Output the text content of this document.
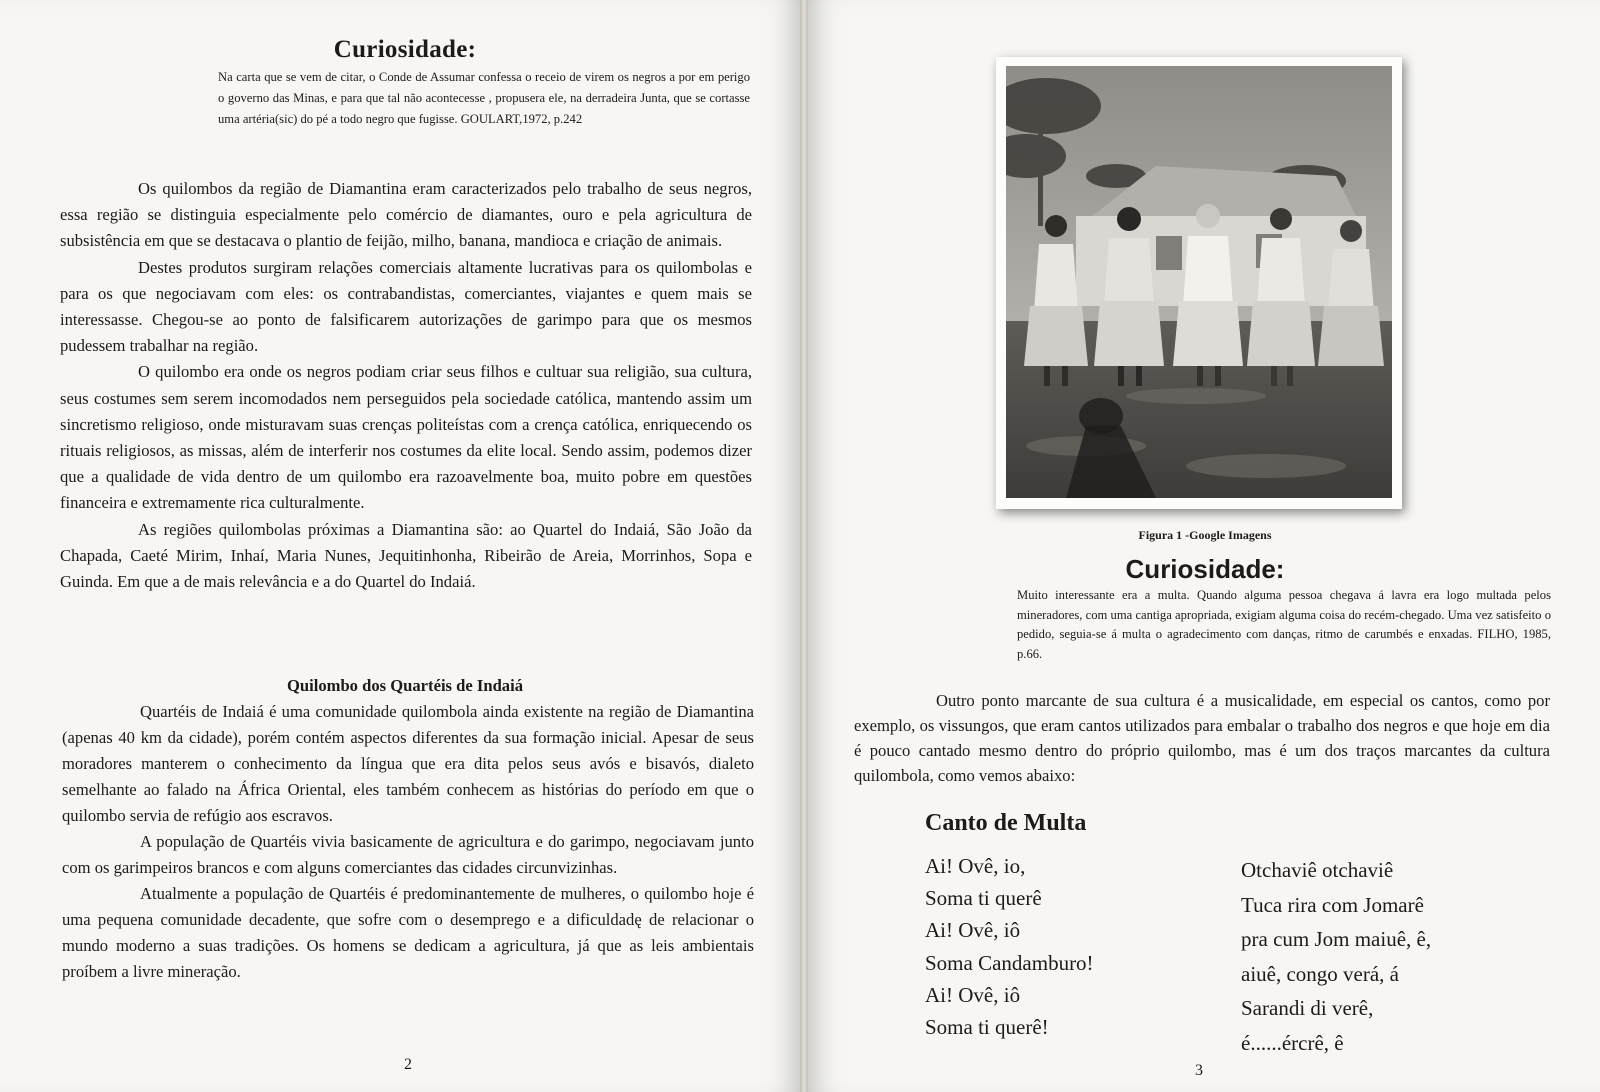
Curiosidade:
Na carta que se vem de citar, o Conde de Assumar confessa o receio de virem os negros a por em perigo o governo das Minas, e para que tal não acontecesse , propusera ele, na derradeira Junta, que se cortasse uma artéria(sic) do pé a todo negro que fugisse. GOULART,1972, p.242

Os quilombos da região de Diamantina eram caracterizados pelo trabalho de seus negros, essa região se distinguia especialmente pelo comércio de diamantes, ouro e pela agricultura de subsistência em que se destacava o plantio de feijão, milho, banana, mandioca e criação de animais.

Destes produtos surgiram relações comerciais altamente lucrativas para os quilombolas e para os que negociavam com eles: os contrabandistas, comerciantes, viajantes e quem mais se interessasse. Chegou-se ao ponto de falsificarem autorizações de garimpo para que os mesmos pudessem trabalhar na região.

O quilombo era onde os negros podiam criar seus filhos e cultuar sua religião, sua cultura, seus costumes sem serem incomodados nem perseguidos pela sociedade católica, mantendo assim um sincretismo religioso, onde misturavam suas crenças politeístas com a crença católica, enriquecendo os rituais religiosos, as missas, além de interferir nos costumes da elite local. Sendo assim, podemos dizer que a qualidade de vida dentro de um quilombo era razoavelmente boa, muito pobre em questões financeira e extremamente rica culturalmente.

As regiões quilombolas próximas a Diamantina são: ao Quartel do Indaiá, São João da Chapada, Caeté Mirim, Inhaí, Maria Nunes, Jequitinhonha, Ribeirão de Areia, Morrinhos, Sopa e Guinda. Em que a de mais relevância e a do Quartel do Indaiá.

Quilombo dos Quartéis de Indaiá

Quartéis de Indaiá é uma comunidade quilombola ainda existente na região de Diamantina (apenas 40 km da cidade), porém contém aspectos diferentes da sua formação inicial. Apesar de seus moradores manterem o conhecimento da língua que era dita pelos seus avós e bisavós, dialeto semelhante ao falado na África Oriental, eles também conhecem as histórias do período em que o quilombo servia de refúgio aos escravos.

A população de Quartéis vivia basicamente de agricultura e do garimpo, negociavam junto com os garimpeiros brancos e com alguns comerciantes das cidades circunvizinhas.

Atualmente a população de Quartéis é predominantemente de mulheres, o quilombo hoje é uma pequena comunidade decadente, que sofre com o desemprego e a dificuldadę de relacionar o mundo moderno a suas tradições. Os homens se dedicam a agricultura, já que as leis ambientais proíbem a livre mineração.

2
Figura 1 -Google Imagens
Curiosidade:
Muito interessante era a multa. Quando alguma pessoa chegava á lavra era logo multada pelos mineradores, com uma cantiga apropriada, exigiam alguma coisa do recém-chegado. Uma vez satisfeito o pedido, seguia-se á multa o agradecimento com danças, ritmo de carumbés e enxadas. FILHO, 1985, p.66.

Outro ponto marcante de sua cultura é a musicalidade, em especial os cantos, como por exemplo, os vissungos, que eram cantos utilizados para embalar o trabalho dos negros e que hoje em dia é pouco cantado mesmo dentro do próprio quilombo, mas é um dos traços marcantes da cultura quilombola, como vemos abaixo:

Canto de Multa
Ai! Ovê, io,
Soma ti querê
Ai! Ovê, iô
Soma Candamburo!
Ai! Ovê, iô
Soma ti querê!
Otchaviê otchaviê
Tuca rira com Jomarê
pra cum Jom maiuê, ê,
aiuê, congo verá, á
Sarandi di verê,
é......ércrê, ê
3
